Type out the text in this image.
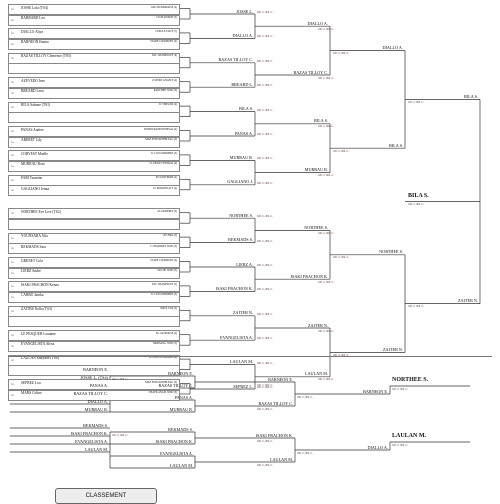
r/e JOSSE Lola (TS4)	AM COURBATAISE (4)
r/e BARRARD Lea	CLUB AVIRON (5)
r/e DIALLO Aliya	CERCLE ELITE (7)
r/e BARNEON Emma	STADE CLERMONT (4)
r/e RAZAS TILLOY Clemence (TS5)	RSC CHAMPIGNY (6)
r/e AZEVEDO Ines	O SPORT ANGELY (4)
r/e BREARD Lena	RANCHEE JUDO (3)
r/e BILA Salome (TS1)	JC VERSOIX (4)
r/e PANAS Andree	BOISDURANDONNEVAL (4)
r/e ABERET Lily	SPAE FONTAINEBLEAU (3)
r/e CORVEST Maelle	JC COULOMMIERS (5)
r/e MURRAU Rose	CLUB DU CENTRAL (4)
r/e FABI Yasmine	ES NANTERRE (4)
r/e GAGLIANO Jenna	CL MORONS ALF (4)
r/e NORTHEE Eve Live (TS2)	AS ASNIERES (5)
r/e YOUNSARA Alia	JUCHRA (5)
r/e REKMADS Sara	C CHARTRES JUDO (5)
r/e GRENET Cola	STADE CLERMONT (4)
r/e LIEBZ Andre	SAS DE JUDO (5)
r/e ISAKI FRACHON Kenza	RSC CHAMPIGNY (5)
r/e CARBO Janika	JC COULOMMIERS (5)
r/e ZAITER Nolla (TS3)	SMUS VOA (5)
r/e LE PESQUER Louanne	SG GATINAISE (4)
r/e EVANGELISTA Alexa	MORSANG JUDO (5)
r/e LAULAN Maryane (TS6)	A S MONTFERRAND (4)
r/e SEPREZ Lou	SPAE FONTAINEBLEAU (3)
r/e MARS Coline	CHAVILANAIS JUDO (3)
JOSSE L. 020 -0- 000 -0-
DIALLO A. 020 -0- 000 -0-
RAZAS TILLOY C. 020 -0- 000 -0-
BREARD L. 020 -0- 000 -0-
BILA S. 020 -0- 000 -0-
PANAS A. 020 -0- 000 -0-
MURRAU R. 020 -0- 000 -0-
GAGLIANO J. 020 -0- 000 -0-
NORTHEE S. 020 -0- 000 -0-
REKMADS S. 020 -0- 000 -0-
LIEBZ A. 020 -0- 000 -0-
ISAKI FRACHON K. 020 -0- 000 -0-
ZAITER N. 020 -0- 000 -0-
EVANGELISTA A. 020 -0- 000 -0-
LAULAN M. 020 -0- 000 -0-
SEPREZ L. 020 -0- 000 -0-
DIALLO A.
100 -0- 000 -0-
RAZAS TILLOY C.
100 -0- 000 -0-
BILA S.
100 -0- 000 -0-
MURRAU R.
100 -0- 000 -0-
NORTHEE S.
100 -0- 000 -0-
ISAKI FRACHON K.
100 -0- 000 -0-
ZAITER N.
100 -0- 000 -0-
LAULAN M.
100 -0- 000 -0-
DIALLO A.
100 -0- 000 -0-
BILA S.
100 -0- 000 -0-
NORTHEE S.
100 -0- 000 -0-
ZAITER N.
100 -0- 000 -0-
BILA S.
100 -0- 000 -0-
ZAITER N.
100 -0- 000 -0-
BILA S.
100 -0- 000 -0-
BARNEON E.
JOSSE L. (TS4)
PANAS A.
RAZAS TILLOY C.
DIALLO A.
MURRAU R.
BARNEON E.
RAZAS TILLOY C.
PANAS A.
MURRAU R.
100 -0- 000 -0-	BARNEON E.
100 -0- 000 -0-
RAZAS TILLOY C.
100 -0- 000 -0-
BARNEON E.
100 -0- 000 -0-
NORTHEE S.
100 -0- 000 -0-
REKMADS S.
ISAKI FRACHON K.
EVANGELISTA A.
LAULAN M.
REKMADS S.
ISAKI FRACHON K.
EVANGELISTA A.
LAULAN M.
100 -0- 000 -0-	ISAKI FRACHON K.
100 -0- 000 -0-
LAULAN M.
100 -0- 000 -0-
DIALLO A.
100 -0- 000 -0-
LAULAN M.
100 -0- 000 -0-
CLASSEMENT
